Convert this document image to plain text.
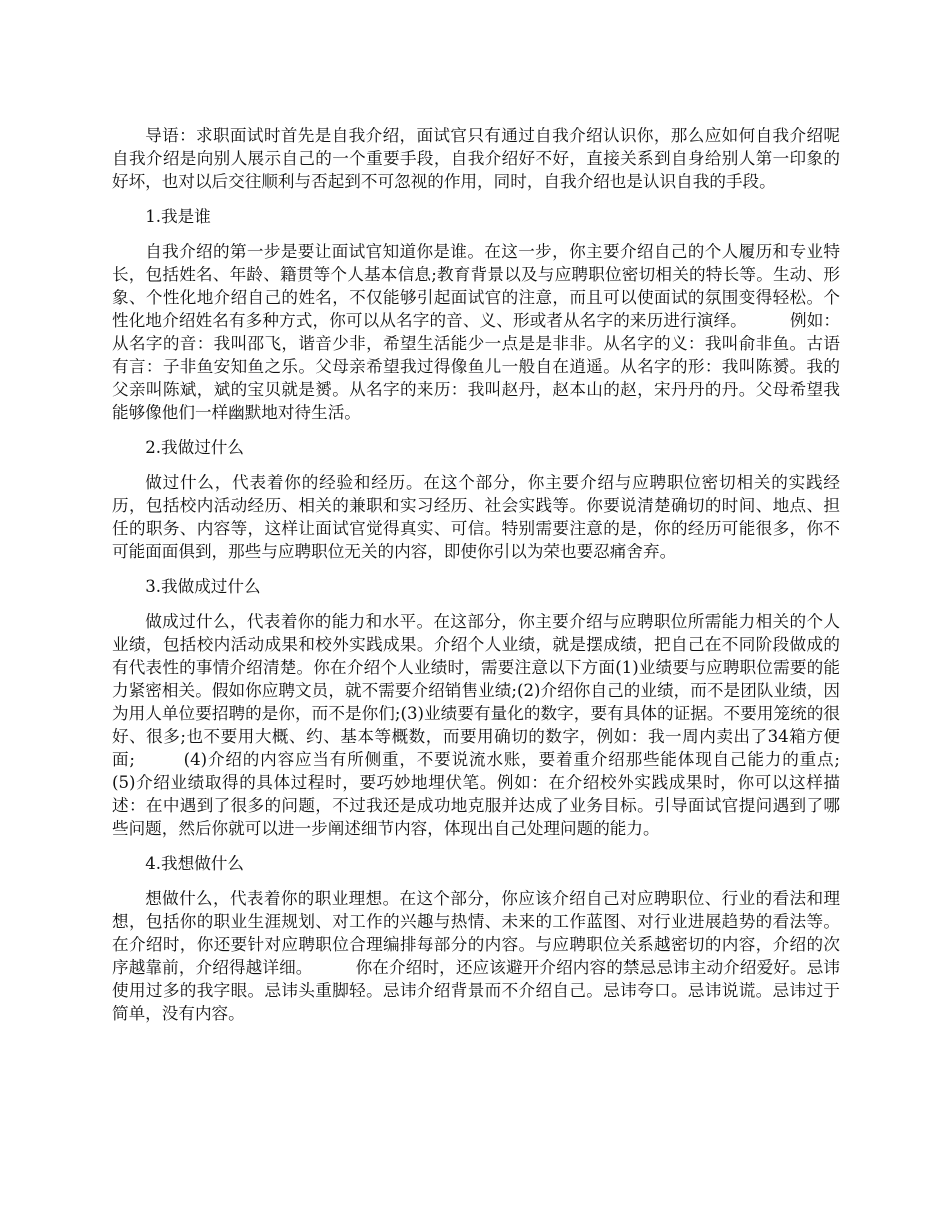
导语：求职面试时首先是自我介绍，面试官只有通过自我介绍认识你，那么应如何自我介绍呢自我介绍是向别人展示自己的一个重要手段，自我介绍好不好，直接关系到自身给别人第一印象的好坏，也对以后交往顺利与否起到不可忽视的作用，同时，自我介绍也是认识自我的手段。

1.我是谁

自我介绍的第一步是要让面试官知道你是谁。在这一步，你主要介绍自己的个人履历和专业特长，包括姓名、年龄、籍贯等个人基本信息;教育背景以及与应聘职位密切相关的特长等。生动、形象、个性化地介绍自己的姓名，不仅能够引起面试官的注意，而且可以使面试的氛围变得轻松。个性化地介绍姓名有多种方式，你可以从名字的音、义、形或者从名字的来历进行演绎。        例如：从名字的音：我叫邵飞，谐音少非，希望生活能少一点是是非非。从名字的义：我叫俞非鱼。古语有言：子非鱼安知鱼之乐。父母亲希望我过得像鱼儿一般自在逍遥。从名字的形：我叫陈赟。我的父亲叫陈斌，斌的宝贝就是赟。从名字的来历：我叫赵丹，赵本山的赵，宋丹丹的丹。父母希望我能够像他们一样幽默地对待生活。

2.我做过什么

做过什么，代表着你的经验和经历。在这个部分，你主要介绍与应聘职位密切相关的实践经历，包括校内活动经历、相关的兼职和实习经历、社会实践等。你要说清楚确切的时间、地点、担任的职务、内容等，这样让面试官觉得真实、可信。特别需要注意的是，你的经历可能很多，你不可能面面俱到，那些与应聘职位无关的内容，即使你引以为荣也要忍痛舍弃。

3.我做成过什么

做成过什么，代表着你的能力和水平。在这部分，你主要介绍与应聘职位所需能力相关的个人业绩，包括校内活动成果和校外实践成果。介绍个人业绩，就是摆成绩，把自己在不同阶段做成的有代表性的事情介绍清楚。你在介绍个人业绩时，需要注意以下方面(1)业绩要与应聘职位需要的能力紧密相关。假如你应聘文员，就不需要介绍销售业绩;(2)介绍你自己的业绩，而不是团队业绩，因为用人单位要招聘的是你，而不是你们;(3)业绩要有量化的数字，要有具体的证据。不要用笼统的很好、很多;也不要用大概、约、基本等概数，而要用确切的数字，例如：我一周内卖出了34箱方便面;        (4)介绍的内容应当有所侧重，不要说流水账，要着重介绍那些能体现自己能力的重点;        (5)介绍业绩取得的具体过程时，要巧妙地埋伏笔。例如：在介绍校外实践成果时，你可以这样描述：在中遇到了很多的问题，不过我还是成功地克服并达成了业务目标。引导面试官提问遇到了哪些问题，然后你就可以进一步阐述细节内容，体现出自己处理问题的能力。

4.我想做什么

想做什么，代表着你的职业理想。在这个部分，你应该介绍自己对应聘职位、行业的看法和理想，包括你的职业生涯规划、对工作的兴趣与热情、未来的工作蓝图、对行业进展趋势的看法等。在介绍时，你还要针对应聘职位合理编排每部分的内容。与应聘职位关系越密切的内容，介绍的次序越靠前，介绍得越详细。        你在介绍时，还应该避开介绍内容的禁忌忌讳主动介绍爱好。忌讳使用过多的我字眼。忌讳头重脚轻。忌讳介绍背景而不介绍自己。忌讳夸口。忌讳说谎。忌讳过于简单，没有内容。
